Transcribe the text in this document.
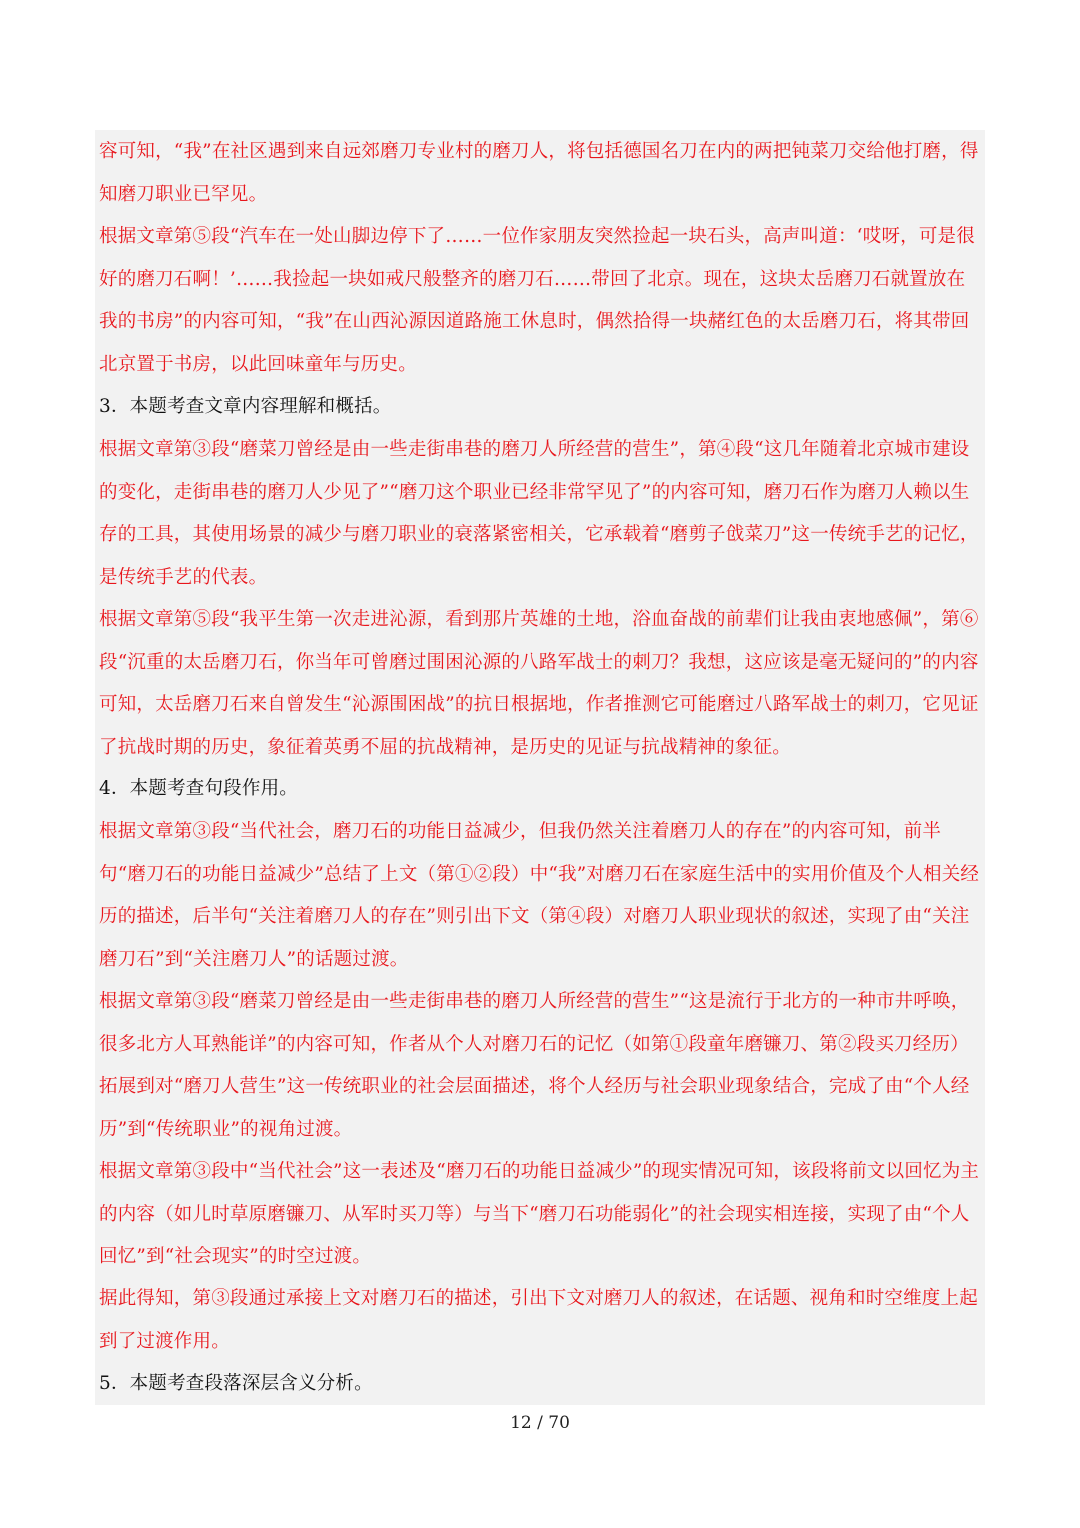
容可知，“我”在社区遇到来自远郊磨刀专业村的磨刀人，将包括德国名刀在内的两把钝菜刀交给他打磨，得知磨刀职业已罕见。
根据文章第⑤段“汽车在一处山脚边停下了……一位作家朋友突然捡起一块石头，高声叫道：‘哎呀，可是很好的磨刀石啊！’……我捡起一块如戒尺般整齐的磨刀石……带回了北京。现在，这块太岳磨刀石就置放在我的书房”的内容可知，“我”在山西沁源因道路施工休息时，偶然拾得一块赭红色的太岳磨刀石，将其带回北京置于书房，以此回味童年与历史。
3．本题考查文章内容理解和概括。
根据文章第③段“磨菜刀曾经是由一些走街串巷的磨刀人所经营的营生”，第④段“这几年随着北京城市建设的变化，走街串巷的磨刀人少见了”“磨刀这个职业已经非常罕见了”的内容可知，磨刀石作为磨刀人赖以生存的工具，其使用场景的减少与磨刀职业的衰落紧密相关，它承载着“磨剪子戗菜刀”这一传统手艺的记忆，是传统手艺的代表。
根据文章第⑤段“我平生第一次走进沁源，看到那片英雄的土地，浴血奋战的前辈们让我由衷地感佩”，第⑥段“沉重的太岳磨刀石，你当年可曾磨过围困沁源的八路军战士的刺刀？我想，这应该是毫无疑问的”的内容可知，太岳磨刀石来自曾发生“沁源围困战”的抗日根据地，作者推测它可能磨过八路军战士的刺刀，它见证了抗战时期的历史，象征着英勇不屈的抗战精神，是历史的见证与抗战精神的象征。
4．本题考查句段作用。
根据文章第③段“当代社会，磨刀石的功能日益减少，但我仍然关注着磨刀人的存在”的内容可知，前半句“磨刀石的功能日益减少”总结了上文（第①②段）中“我”对磨刀石在家庭生活中的实用价值及个人相关经历的描述，后半句“关注着磨刀人的存在”则引出下文（第④段）对磨刀人职业现状的叙述，实现了由“关注磨刀石”到“关注磨刀人”的话题过渡。
根据文章第③段“磨菜刀曾经是由一些走街串巷的磨刀人所经营的营生”“这是流行于北方的一种市井呼唤，很多北方人耳熟能详”的内容可知，作者从个人对磨刀石的记忆（如第①段童年磨镰刀、第②段买刀经历）拓展到对“磨刀人营生”这一传统职业的社会层面描述，将个人经历与社会职业现象结合，完成了由“个人经历”到“传统职业”的视角过渡。
根据文章第③段中“当代社会”这一表述及“磨刀石的功能日益减少”的现实情况可知，该段将前文以回忆为主的内容（如儿时草原磨镰刀、从军时买刀等）与当下“磨刀石功能弱化”的社会现实相连接，实现了由“个人回忆”到“社会现实”的时空过渡。
据此得知，第③段通过承接上文对磨刀石的描述，引出下文对磨刀人的叙述，在话题、视角和时空维度上起到了过渡作用。
5．本题考查段落深层含义分析。
12 / 70
